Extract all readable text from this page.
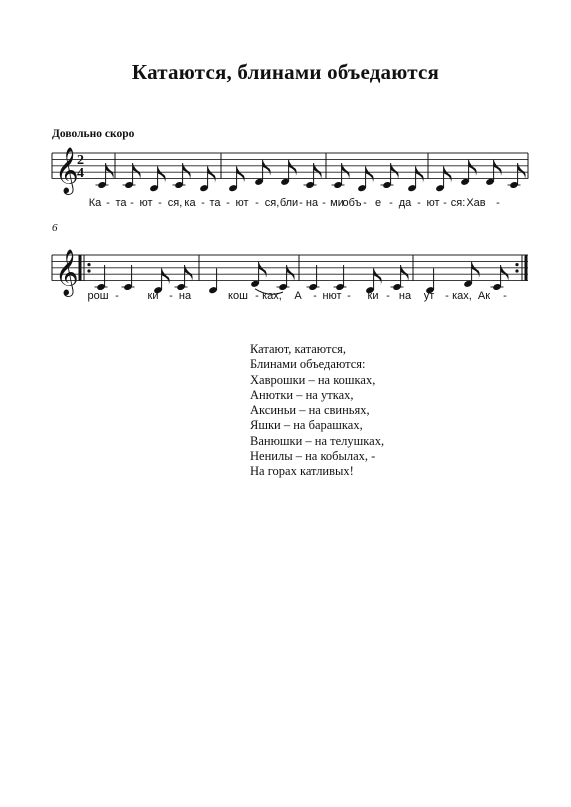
Катаются, блинами объедаются
Довольно скоро
6
𝄞
2
4
𝄞
Ка - та - ют - ся, ка - та - ют - ся, бли - на - ми
объ - е - да - ют - ся: Хав -
рош -	ки - на	кош - ках, А - нют - ки - на ут - ках, Ак -
Катают, катаются,
Блинами объедаются:
Хаврошки – на кошках,
Анютки – на утках,
Аксиньи – на свиньях,
Яшки – на барашках,
Ванюшки – на телушках,
Ненилы – на кобылах, -
На горах катливых!
